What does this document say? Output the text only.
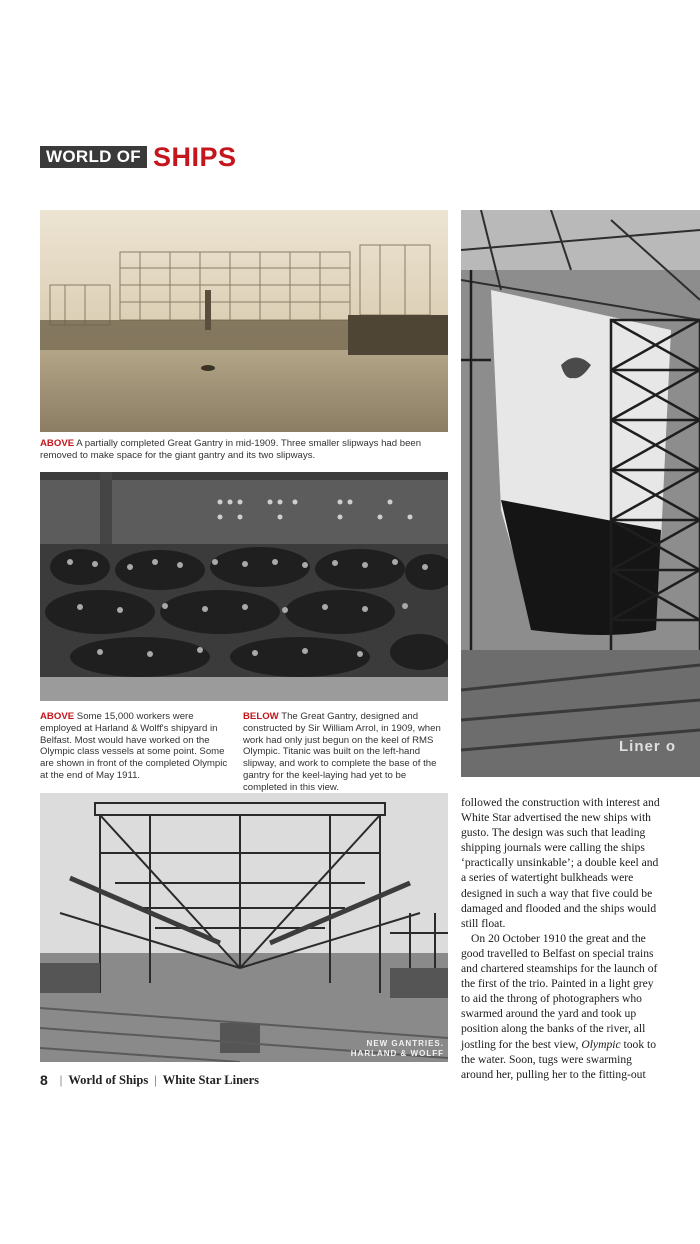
WORLD OF SHIPS
ABOVE A partially completed Great Gantry in mid-1909. Three smaller slipways had been removed to make space for the giant gantry and its two slipways.
ABOVE Some 15,000 workers were employed at Harland & Wolff's shipyard in Belfast. Most would have worked on the Olympic class vessels at some point. Some are shown in front of the completed Olympic at the end of May 1911.
BELOW The Great Gantry, designed and constructed by Sir William Arrol, in 1909, when work had only just begun on the keel of RMS Olympic. Titanic was built on the left-hand slipway, and work to complete the base of the gantry for the keel-laying had yet to be completed in this view.
Liner o
NEW GANTRIES.
HARLAND & WOLFF

followed the construction with interest and White Star advertised the new ships with gusto. The design was such that leading shipping journals were calling the ships ‘practically unsinkable’; a double keel and a series of watertight bulkheads were designed in such a way that five could be damaged and flooded and the ships would still float.

On 20 October 1910 the great and the good travelled to Belfast on special trains and chartered steamships for the launch of the first of the trio. Painted in a light grey to aid the throng of photographers who swarmed around the yard and took up position along the banks of the river, all jostling for the best view, Olympic took to the water. Soon, tugs were swarming around her, pulling her to the fitting-out

8 | World of Ships | White Star Liners
